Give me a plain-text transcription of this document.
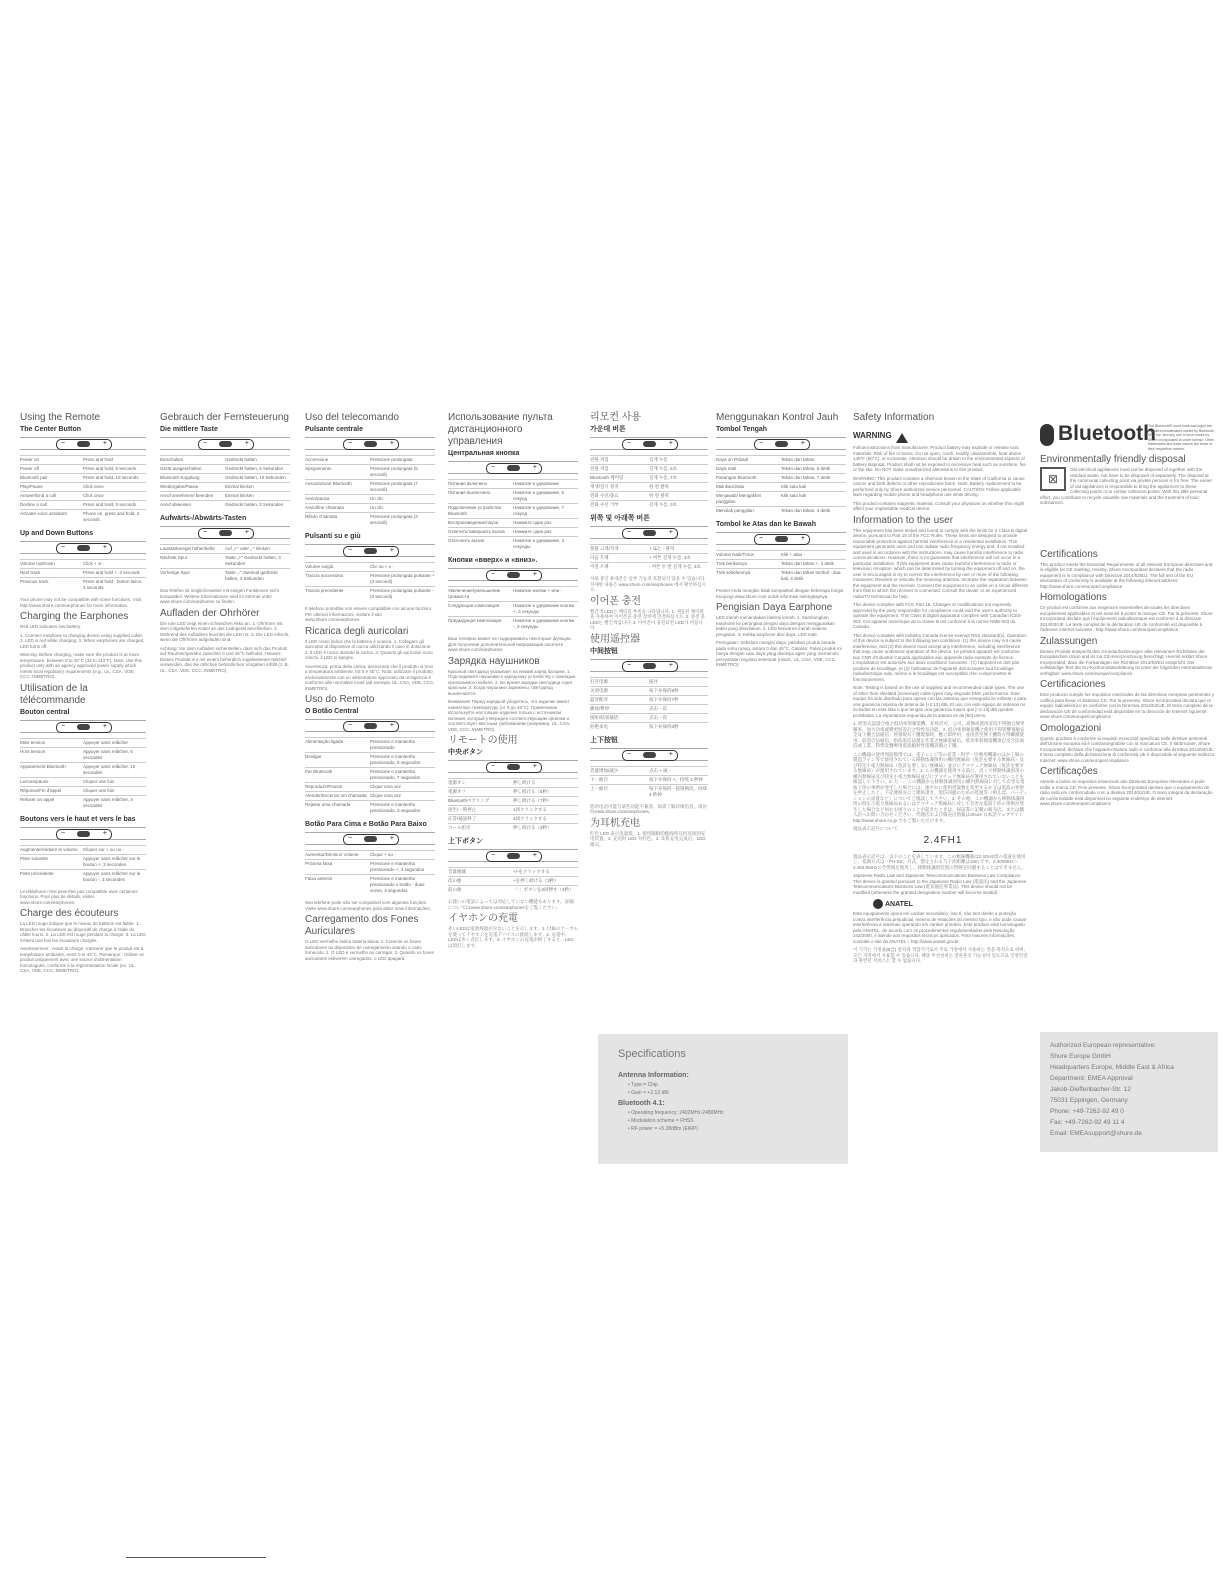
Using the Remote
The Center Button
−	+
Power on	Press and hold
Power off	Press and hold, 5 seconds
Bluetooth pair	Press and hold, 10 seconds
Play/Pause	Click once
Answer/End a call	Click once
Decline a call	Press and hold, 3 seconds
Activate voice assistant	Phone on, press and hold, 2 seconds
Up and Down Buttons
−	+
Volume Up/Down	Click + or -
Next track	Press and hold +, 3 seconds
Previous track	Press and hold - button twice, 3 seconds

Your phone may not be compatible with some functions. Visit http://www.shure.com/earphones for more information.

Charging the Earphones

Red LED indicates low battery.

1. Connect earphone to charging device using supplied cable. 2. LED is red while charging. 3. When earphones are charged, LED turns off.

Warning: Before charging, make sure the product is at room temperature, between 0 to 45°C (32 to 113°F). Note: Use this product only with an agency approved power supply which meets local regulatory requirements (e.g., UL, CSA, VDE, CCC, INMETRO).

Utilisation de la télécommande
Bouton central
−	+
Mise tension	Appuyer sans relâcher
Hors tension	Appuyer sans relâcher, 5 secondes
Appariement Bluetooth	Appuyer sans relâcher, 10 secondes
Lecture/pause	Cliquer une fois
Réponse/Fin d'appel	Cliquer une fois
Refuser un appel	Appuyer sans relâcher, 3 secondes
Boutons vers le haut et vers le bas
−	+
Augmenter/réduire le volume	Cliquer sur + ou ou -
Piste suivante	Appuyer sans relâcher sur le bouton +, 3 secondes
Piste précédente	Appuyer sans relâcher sur le bouton -, 3 secondes

Le téléphone n'est peut-être pas compatible avec certaines fonctions. Pour plus de détails, visiter www.shure.com/earphones.

Charge des écouteurs

La LED rouge indique que le niveau de batterie est faible. 1. Brancher les écouteurs au dispositif de charge à l'aide du câble fourni. 2. La LED est rouge pendant la charge. 3. La LED s'éteint une fois les écouteurs chargés.

Avertissement : Avant la charge, s'assurer que le produit est à température ambiante, entre 0 et 45°C. Remarque : Utiliser ce produit uniquement avec une source d'alimentation homologuée, conforme à la réglementation locale (ex. UL, CSA, VDE, CCC, INMETRO).

Gebrauch der Fernsteuerung
Die mittlere Taste
−	+
Einschalten	Gedrückt halten
Gerät ausgeschalten	Gedrückt halten, 5 Sekunden
Bluetooth-Kopplung	Gedrückt halten, 10 Sekunden
Wiedergabe/Pause	Einmal klicken
Anruf annehmen/ beenden	Einmal klicken
Anruf abweisen	Gedrückt halten, 3 Sekunden
Aufwärts-/Abwärts-Tasten
−	+
Lautstärkeregel höher/tiefer	Auf „+" oder „-" klicken
Nächste Spur	Taste „+" Gedrückt halten, 3 Sekunden
Vorherige Spur	Taste „-" zweimal gedrückt halten, 3 Sekunden

Das Telefon ist möglicherweise mit einigen Funktionen nicht kompatibel. Weitere Informationen sind im Internet unter www.shure.com/earphones zu finden.

Aufladen der Ohrhörer

Die rote LED zeigt einen schwachen Akku an. 1. Ohrhörer mit dem mitgelieferten Kabel an das Ladegerät anschließen. 2. Während des Aufladens leuchtet die LED rot. 3. Die LED erlischt, wenn die Ohrhörer aufgeladen sind.

Achtung: Vor dem Aufladen sicherstellen, dass sich das Produkt auf Raumtemperatur zwischen 0 und 45°C befindet. Hinweis: Dieses Produkt nur mit einem behördlich zugelassenen Netzteil verwenden, das die örtlichen behördlichen Vorgaben erfüllt (z. B. UL, CSA, VDE, CCC, INMETRO).

Uso del telecomando
Pulsante centrale
−	+
Accensione	Pressione prolungata
Spegnimento	Pressione prolungata (5 secondi)
Associazione Bluetooth	Pressione prolungata (7 secondi)
Avvio/pausa	Un clic
Avvio/fine chiamata	Un clic
Rifiuto chiamata	Pressione prolungata (3 secondi)
Pulsanti su e giù
−	+
Volume su/giù	Clic su + o -
Traccia successiva	Pressione prolungata pulsante + (3 secondi)
Traccia precedente	Pressione prolungata pulsante - (3 secondi)

Il telefono potrebbe non essere compatibile con alcune funzioni. Per ulteriori informazioni, visitare il sito www.shure.com/earphones.

Ricarica degli auricolari

Il LED rosso indica che la batteria è scarica. 1. Collegare gli auricolari al dispositivo di carica utilizzando il cavo in dotazione. 2. Il LED è rosso durante la carica. 3. Quando gli auricolari sono carichi, il LED si spegne.

Avvertenza: prima della carica, assicurarsi che il prodotto si trovi a temperatura ambiente, tra 0 e 45°C. Nota: utilizzare il prodotto esclusivamente con un alimentatore approvato da un'agenzia e conforme alle normative locali (ad esempio UL, CSA, VDE, CCC, INMETRO).

Uso do Remoto
O Botão Central
−	+
Alimentação ligada	Pressione e mantenha pressionado
Desligar	Pressione e mantenha pressionado, 5 segundos
Par Bluetooth	Pressione e mantenha pressionado, 7 segundos
Reproduzir/Pausar	Clique uma vez
Atender/Encerrar um chamada	Clique uma vez
Rejeitar uma chamada	Pressione e mantenha pressionado, 3 segundos
Botão Para Cima e Botão Para Baixo
−	+
Aumentar/Diminuir Volume	Clique + ou -
Próxima faixa	Pressione e mantenha pressionado +, 3 segundos
Faixa anterior	Pressione e mantenha pressionado o botão - duas vezes, 3 segundos

Seu telefone pode não ser compatível com algumas funções. Visite www.shure.com/earphones para obter mais informações.

Carregamento dos Fones Auriculares

O LED vermelho indica bateria baixa. 1. Conecte os fones auriculares ao dispositivo de carregamento usando o cabo fornecido. 2. O LED é vermelho ao carregar. 3. Quando os fones auriculares estiverem carregados, o LED apagará.

Использование пульта дистанционного управления
Центральная кнопка
−	+
Питание включено	Нажатие и удержание
Питание выключено	Нажатие и удержание, 5 секунд
Подключение устройства Bluetooth	Нажатие и удержание, 7 секунд
Воспроизведение/пауза	Нажмите один раз
Ответить/завершить вызов	Нажмите один раз
Отклонить вызов	Нажатие и удержание, 3 секунды
Кнопки «вверх» и «вниз».
−	+
Увеличение/уменьшение громкости	Нажатие кнопки + или -
Следующая композиция	Нажатие и удержание кнопки +, 3 секунды
Предыдущая композиция	Нажатие и удержание кнопки -, 3 секунды

Ваш телефон может не поддерживать некоторые функции. Для получения дополнительной информации посетите www.shure.com/earphones.

Зарядка наушников

Красный светодиод указывает на низкий заряд батареи. 1. Подсоедините наушники к зарядному устройству с помощью прилагаемого кабеля. 2. Во время зарядки светодиод горит красным. 3. Когда наушники заряжены, светодиод выключается.

Внимание! Перед зарядкой убедитесь, что изделие имеет комнатную температуру (от 0 до 45°C). Примечание. Используйте настоящее изделие только с источником питания, который утвержден соответствующим органом и соответствует местным требованиям (например, UL, CSA, VDE, CCC, INMETRO).

リモートの使用
中央ボタン
−	+
電源オン	押し続ける
電源オフ	押し続ける（5秒）
Bluetoothペアリング	押し続ける（7秒）
再生/一時停止	1回クリックする
応答/通話終了	1回クリックする
コール拒否	押し続ける（3秒）
上下ボタン
−	+
音量増減	+/-をクリックする
次の曲	+を押し続ける（3秒）
前の曲	「-」ボタンを2回押す（3秒）

お使いの電話によっては対応していない機能もあります。詳細についてはwww.shure.com/earphonesをご覧ください。

イヤホンの充電

赤いLEDは電池残量が少ないことを示します。1. 付属のケーブルを使ってイヤホンを充電デバイスに接続します。2. 充電中、LEDは赤く点灯します。3. イヤホンの充電が終了すると、LEDは消灯します。

리모컨 사용
가운데 버튼
−	+
전원 켜짐	길게 누름
전원 꺼짐	길게 누름, 5초
Bluetooth 페어링	길게 누름, 7초
재생/일시 정지	한 번 클릭
전화 수신/종료	한 번 클릭
전화 수신 거부	길게 누름, 3초
위쪽 및 아래쪽 버튼
−	+
볼륨 크게/작게	+ 또는 - 클릭
다음 트랙	+ 버튼 길게 누름, 3초
이전 트랙	- 버튼 두 번 길게 누름, 3초

사용 중인 휴대폰은 일부 기능과 호환되지 않을 수 있습니다. 자세한 내용은 www.shure.com/earphones 에서 확인하십시오.

이어폰 충전

빨간색 LED는 배터리 부족을 나타냅니다. 1. 제공된 케이블을 사용하여 이어폰을 충전 장치에 연결하십시오. 2. 충전 중 LED는 빨간색입니다. 3. 이어폰이 충전되면 LED가 꺼집니다.

使用遥控器
中间按钮
−	+
打开电源	按住
关闭电源	按下并保持5秒
蓝牙配对	按下并保持7秒
播放/暂停	点击一次
接听/结束通话	点击一次
拒绝来电	按下并保持3秒
上下按钮
−	+
音量增加/减少	点击 + 或 -
下一曲目	按下并保持 +，持续 3 秒钟
上一曲目	按下并保持 - 按钮两次，持续 3 秒钟

您的电话可能与某些功能不兼容。如需了解详细信息，请访问www.shure.com/earphones。

为耳机充电

红色 LED 表示电量低。1. 使用随附的缆线将耳机连接到充电装置。2. 充电时 LED 为红色。3. 耳机充电完成后，LED 熄灭。

Menggunakan Kontrol Jauh
Tombol Tengah
−	+
Daya on Pribadi	Tekan dan tahan
Daya mati	Tekan dan tahan, 5 detik
Pasangan Bluetooth	Tekan dan tahan, 7 detik
Mainkan/Jeda	Klik satu kali
Menjawab/ Mengakhiri panggilan	Klik satu kali
Menolak panggilan	Tekan dan tahan, 3 detik
Tombol ke Atas dan ke Bawah
−	+
Volume Naik/Turun	Klik + atau -
Trek berikutnya	Tekan dan tahan +, 3 detik
Trek sebelumnya	Tekan dan tahan tombol - dua kali, 3 detik

Ponsel Anda mungkin tidak kompatibel dengan beberapa fungsi. Kunjungi www.shure.com untuk informasi selengkapnya.

Pengisian Daya Earphone

LED merah menandakan baterai lemah. 1. Sambungkan earphone ke perangkat pengisi daya dengan menggunakan kabel yang disediakan. 2. LED berwarna merah selama pengisian. 3. Ketika earphone diisi daya, LED mati.

Peringatan: Sebelum mengisi daya, pastikan produk berada pada suhu ruang, antara 0 dan 45°C. Catatan: Pakai produk ini hanya dengan catu daya yang disetujui agen yang memenuhi persyaratan regulasi setempat (misal., UL, CSA, VDE, CCC, INMETRO).

Safety Information
WARNING

Follow instructions from manufacturer. Product battery may explode or release toxic materials. Risk of fire or burns. Do not open, crush, modify, disassemble, heat above 140°F (60°C), or incinerate. Attention should be drawn to the environmental aspects of battery disposal. Product shall not be exposed to excessive heat such as sunshine, fire or the like. Do NOT make unauthorized alterations to this product.

WARNING: This product contains a chemical known to the State of California to cause cancer and birth defects or other reproductive harm. Note: Battery replacement to be performed only by Shure authorized service personnel. CAUTION: Follow applicable laws regarding mobile phone and headphone use while driving.

This product contains magnetic material. Consult your physician on whether this might affect your implantable medical device.

Information to the user

This equipment has been tested and found to comply with the limits for a Class B digital device, pursuant to Part 15 of the FCC Rules. These limits are designed to provide reasonable protection against harmful interference in a residential installation. This equipment generates uses and can radiate radio frequency energy and, if not installed and used in accordance with the instructions, may cause harmful interference to radio communications. However, there is no guarantee that interference will not occur in a particular installation. If this equipment does cause harmful interference to radio or television reception, which can be determined by turning the equipment off and on, the user is encouraged to try to correct the interference by one or more of the following measures: Reorient or relocate the receiving antenna. Increase the separation between the equipment and the receiver. Connect the equipment to an outlet on a circuit different from that to which the receiver is connected. Consult the dealer or an experienced radio/TV technician for help.

This device complies with FCC Part 15. Changes or modifications not expressly approved by the party responsible for compliance could void the user's authority to operate the equipment. This Class B digital apparatus complies with Canadian ICES-003. Cet appareil numérique de la classe B est conforme à la norme NMB-003 du Canada.

This device complies with Industry Canada licence-exempt RSS standard(s). Operation of this device is subject to the following two conditions: (1) this device may not cause interference, and (2) this device must accept any interference, including interference that may cause undesired operation of the device. Le présent appareil est conforme aux CNR d'Industrie Canada applicables aux appareils radio exempts de licence. L'exploitation est autorisée aux deux conditions suivantes : (1) l'appareil ne doit pas produire de brouillage, et (2) l'utilisateur de l'appareil doit accepter tout brouillage radioélectrique subi, même si le brouillage est susceptible d'en compromettre le fonctionnement.

Note: Testing is based on the use of supplied and recommended cable types. The use of other than shielded (screened) cable types may degrade EMC performance. Este equipo ha sido diseñado para operar con las antenas que enseguida se enlistan y para una ganancia máxima de antena de [+2.13] dBi. El uso con este equipo de antenas no incluidas en esta lista o que tengan una ganancia mayor que [+2.13] dBi quedan prohibidas. La impedancia requerida de la antena es de [50] ohms.

1. 經型式認證合格之低功率射頻電機，非經許可，公司、商號或使用者均不得擅自變更頻率、加大功率或變更原設計之特性及功能。2. 低功率射頻電機之使用不得影響飛航安全及干擾合法通信；經發現有干擾現象時，應立即停用，並改善至無干擾時方得繼續使用。前項合法通信，指依電信法規定作業之無線電通信。低功率射頻電機須忍受合法通信或工業、科學及醫療用電波輻射性電機設備之干擾。

この機器の使用周波数帯では、電子レンジ等の産業・科学・医療用機器のほか工場の製造ライン等で使用されている移動体識別用の構内無線局（免許を要する無線局）及び特定小電力無線局（免許を要しない無線局）並びにアマチュア無線局（免許を要する無線局）が運用されています。1. この機器を使用する前に、近くで移動体識別用の構内無線局及び特定小電力無線局並びにアマチュア無線局が運用されていないことを確認して下さい。2. 万一、この機器から移動体識別用の構内無線局に対して有害な電波干渉の事例が発生した場合には、速やかに使用周波数を変更するか又は電波の発射を停止した上、下記連絡先にご連絡頂き、混信回避のための処置等（例えば、パーティションの設置など）についてご相談して下さい。3. その他、この機器から移動体識別用の特定小電力無線局あるいはアマチュア無線局に対して有害な電波干渉の事例が発生した場合など何かお困りのことが起きたときは、保証書に記載の販売店、または購入店へお問い合わせください。代理店および販売店情報はShure 日本語ウェブサイト http://www.shure.co.jp でもご覧いただけます。

現品表示記号について

2.4FH1

現品表示記号は、以下のことを表しています。この無線機器は2.4GHz帯の電波を使用し、変調方式は「FH-SS」方式、想定される与干渉距離は10m です。2,400MHz～2,483.5MHzの全帯域を使用し、移動体識別装置の帯域を回避することはできません。

Japanese Radio Law and Japanese Telecommunications Business Law Compliance. This device is granted pursuant to the Japanese Radio Law (電波法) and the Japanese Telecommunications Business Law (電気通信事業法). This device should not be modified (otherwise the granted designation number will become invalid).

ANATEL

Este equipamento opera em caráter secundário, isto é, não tem direito a proteção contra interferência prejudicial, mesmo de estações do mesmo tipo, e não pode causar interferência a sistemas operando em caráter primário. Este produto está homologado pela ANATEL, de acordo com os procedimentos regulamentados pela Resolução 242/2000, e atende aos requisitos técnicos aplicados. Para maiores informações, consulte o site da ANATEL – http://www.anatel.gov.br

이 기기는 가정용(B급) 전자파 적합기기로서 주로 가정에서 사용하는 것을 목적으로 하며, 모든 지역에서 사용할 수 있습니다. 해당 무선설비는 전파혼신 가능성이 있으므로 인명안전과 관련된 서비스는 할 수 없습니다.

Bluetooth
The Bluetooth® word mark and logos are registered trademarks owned by Bluetooth SIG, Inc. and any use of such marks by Shure Incorporated is under license. Other trademarks and trade names are those of their respective owners.
Environmentally friendly disposal
⊠

Old electrical appliances must not be disposed of together with the residual waste, but have to be disposed of separately. The disposal at the communal collecting point via private persons is for free. The owner of old appliances is responsible to bring the appliances to these collecting points or to similar collection points. With this little personal effort, you contribute to recycle valuable raw materials and the treatment of toxic substances.

Certifications

This product meets the Essential Requirements of all relevant European directives and is eligible for CE marking. Hereby, Shure Incorporated declares that the radio equipment is in compliance with Directive 2014/53/EU. The full text of the EU declaration of conformity is available at the following internet address: http://www.shure.com/europe/compliance

Homologations

Ce produit est conforme aux exigences essentielles de toutes les directives européennes applicables et est autorisé à porter la marque CE. Par la présente, Shure Incorporated déclare que l'équipement radioélectrique est conforme à la directive 2014/53/UE. Le texte complet de la déclaration UE de conformité est disponible à l'adresse internet suivante : http://www.shure.com/europe/compliance

Zulassungen

Dieses Produkt entspricht den Grundanforderungen aller relevanten Richtlinien der Europäischen Union und ist zur CE-Kennzeichnung berechtigt. Hiermit erklärt Shure Incorporated, dass die Funkanlagen der Richtlinie 2014/53/EU entspricht. Der vollständige Text der EU-Konformitätserklärung ist unter der folgenden Internetadresse verfügbar: www.shure.com/europe/compliance

Certificaciones

Este producto cumple los requisitos esenciales de las directivas europeas pertinentes y califica para llevar el distintivo CE. Por la presente, Shure Incorporated declara que el equipo radioeléctrico es conforme con la Directiva 2014/53/UE. El texto completo de la declaración UE de conformidad está disponible en la dirección de Internet siguiente: www.shure.com/europe/compliance

Omologazioni

Questo prodotto è conforme ai requisiti essenziali specificati nelle direttive pertinenti dell'Unione europea ed è contrassegnabile con la marcatura CE. Il fabbricante, Shure Incorporated, dichiara che l'apparecchiatura radio è conforme alla direttiva 2014/53/UE. Il testo completo della dichiarazione di conformità UE è disponibile al seguente indirizzo Internet: www.shure.com/europe/compliance

Certificações

Atende a todos os requisitos essenciais das Diretivas Europeias relevantes e pode exibir a marca CE. Pelo presente, Shure Incorporated declara que o equipamento de rádio está em conformidade com a diretiva 2014/53/UE. O texto integral da declaração de conformidade está disponível no seguinte endereço de internet: www.shure.com/europe/compliance

Specifications
Antenna Information:
• Type = Chip
• Gain = +2.13 dBi
Bluetooth 4.1:
• Operating frequency: 2402MHz-2480MHz
• Modulation scheme = FHSS
• RF power = +5.38dBm (EIRP)
Authorized European representative:
Shure Europe GmbH
Headquarters Europe, Middle East & Africa
Department: EMEA Approval
Jakob-Dieffenbacher-Str. 12
75031 Eppingen, Germany
Phone: +49-7262-92 49 0
Fax: +49-7262-92 49 11 4
Email: EMEAsupport@shure.de
